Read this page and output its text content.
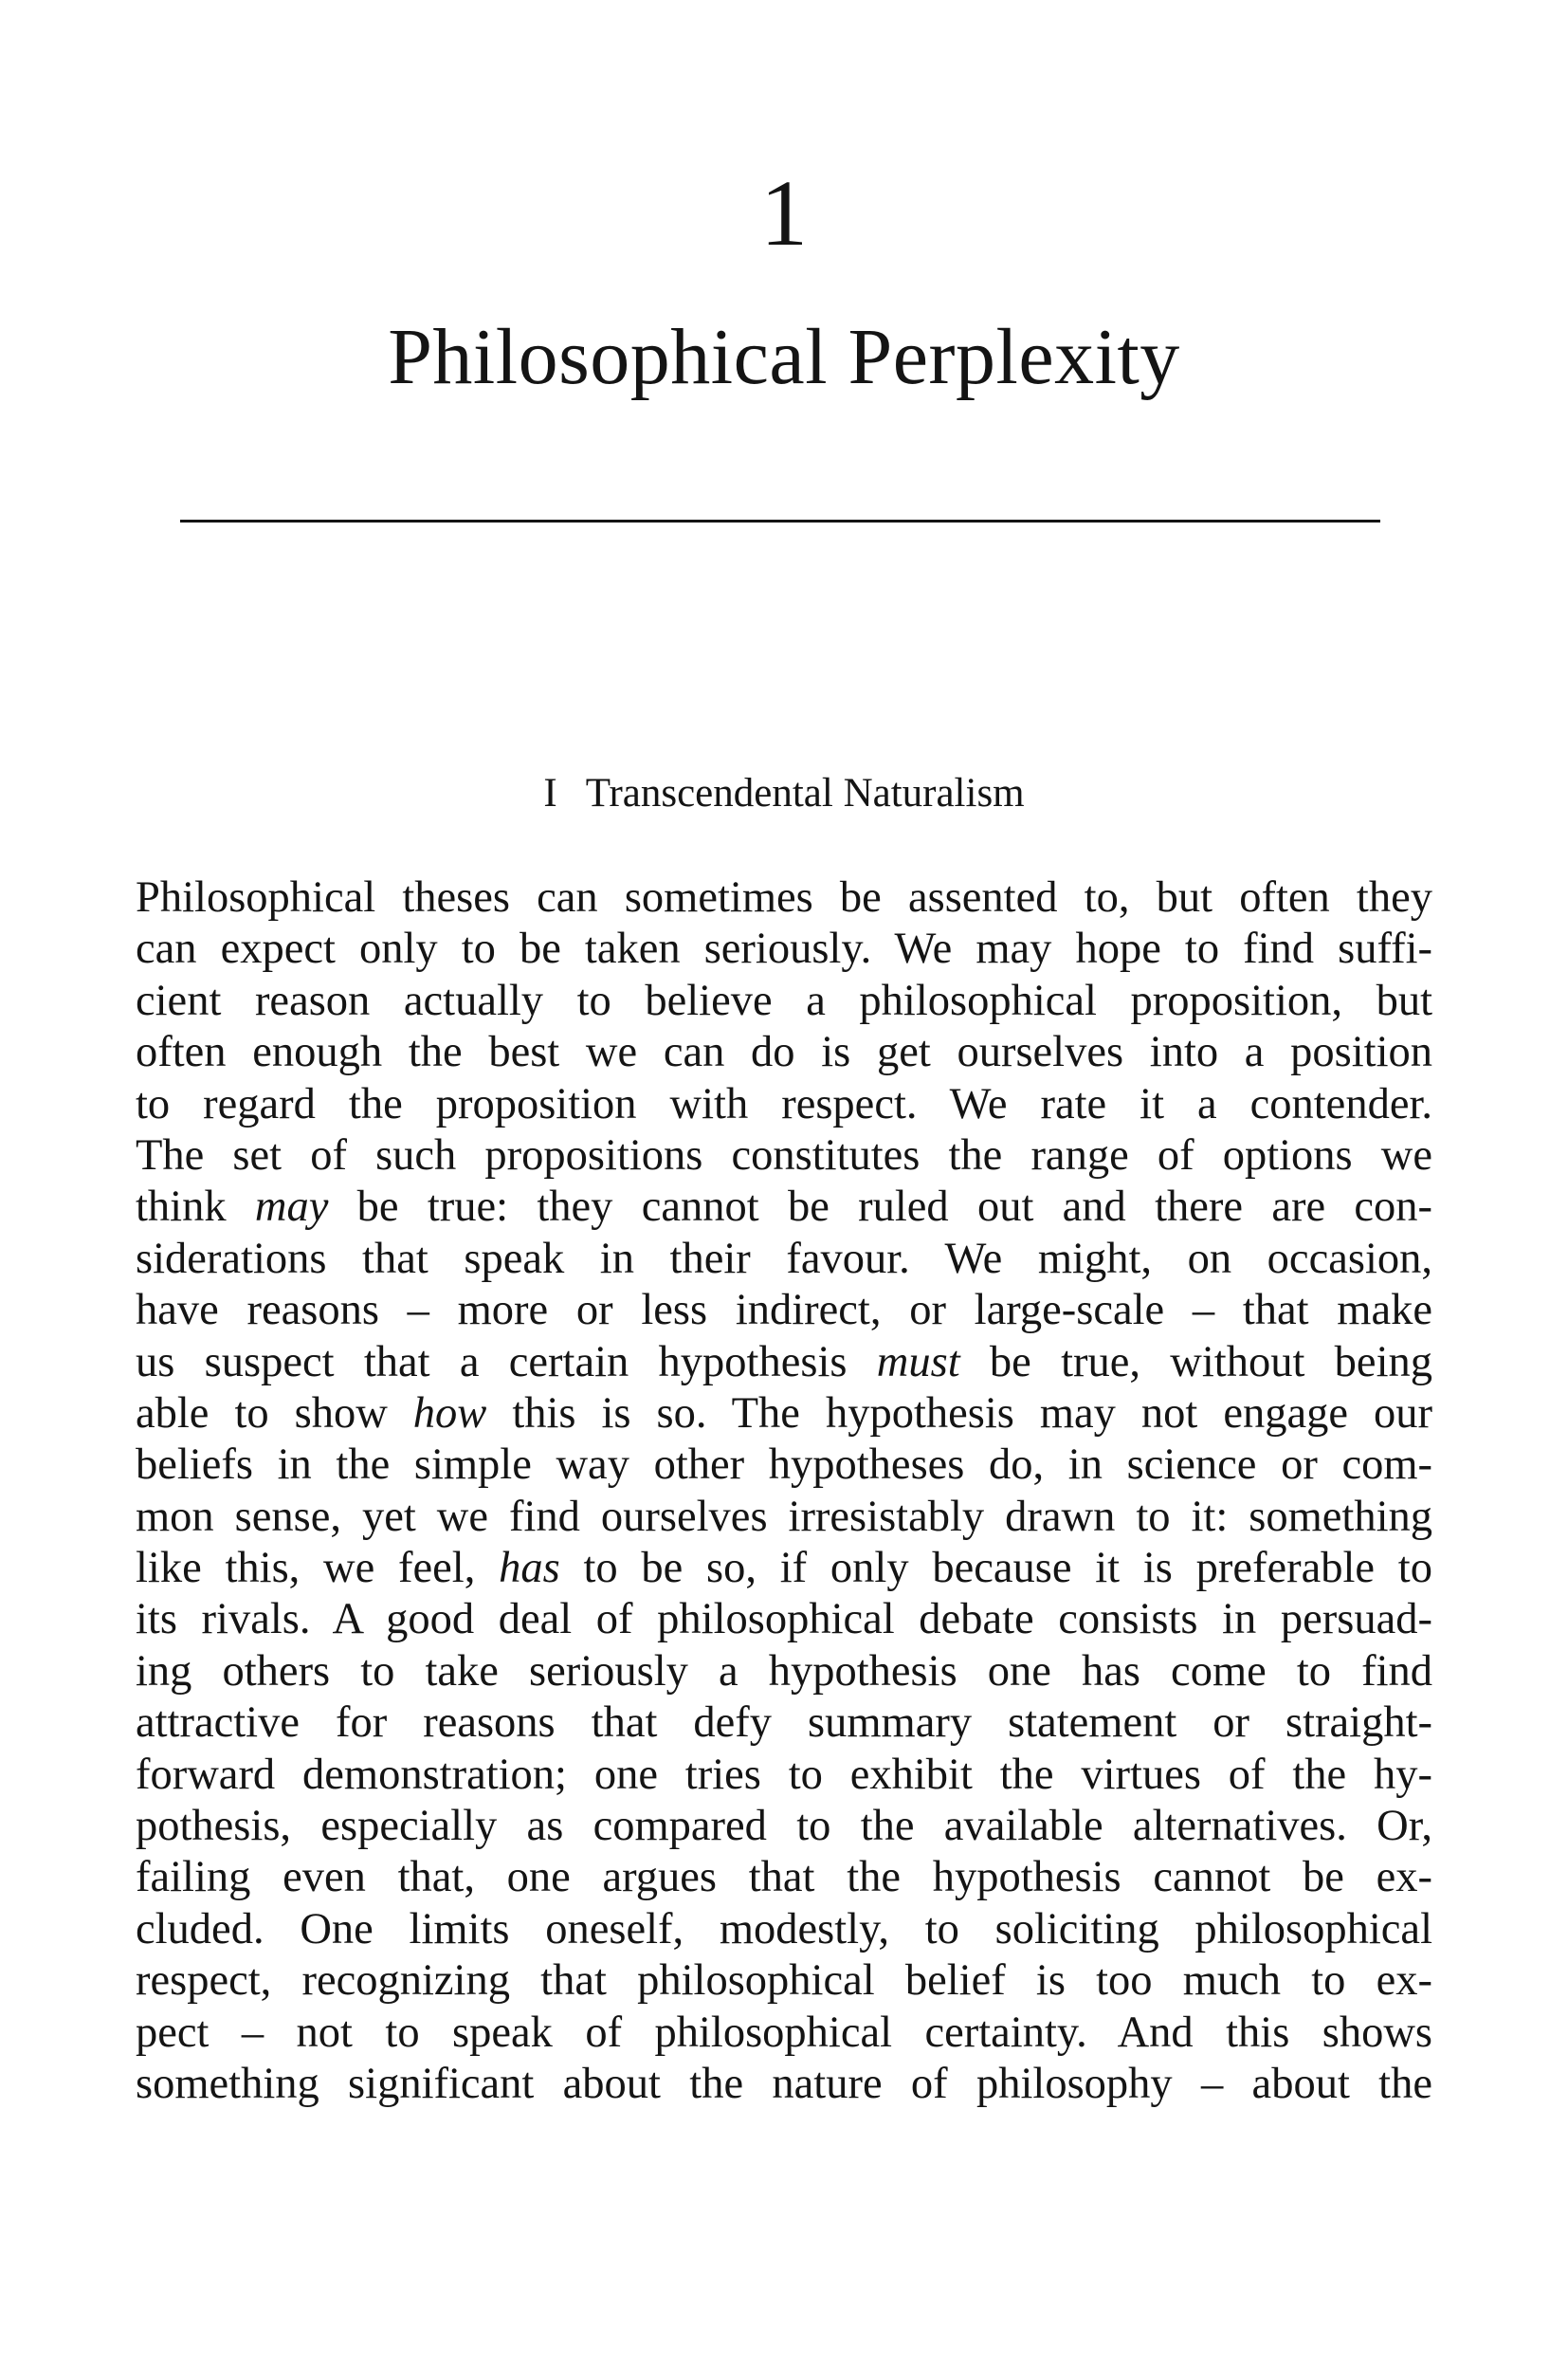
1
Philosophical Perplexity
I Transcendental Naturalism
Philosophical theses can sometimes be assented to, but often they
can expect only to be taken seriously. We may hope to find suffi-
cient reason actually to believe a philosophical proposition, but
often enough the best we can do is get ourselves into a position
to regard the proposition with respect. We rate it a contender.
The set of such propositions constitutes the range of options we
think may be true: they cannot be ruled out and there are con-
siderations that speak in their favour. We might, on occasion,
have reasons – more or less indirect, or large-scale – that make
us suspect that a certain hypothesis must be true, without being
able to show how this is so. The hypothesis may not engage our
beliefs in the simple way other hypotheses do, in science or com-
mon sense, yet we find ourselves irresistably drawn to it: something
like this, we feel, has to be so, if only because it is preferable to
its rivals. A good deal of philosophical debate consists in persuad-
ing others to take seriously a hypothesis one has come to find
attractive for reasons that defy summary statement or straight-
forward demonstration; one tries to exhibit the virtues of the hy-
pothesis, especially as compared to the available alternatives. Or,
failing even that, one argues that the hypothesis cannot be ex-
cluded. One limits oneself, modestly, to soliciting philosophical
respect, recognizing that philosophical belief is too much to ex-
pect – not to speak of philosophical certainty. And this shows
something significant about the nature of philosophy – about the
